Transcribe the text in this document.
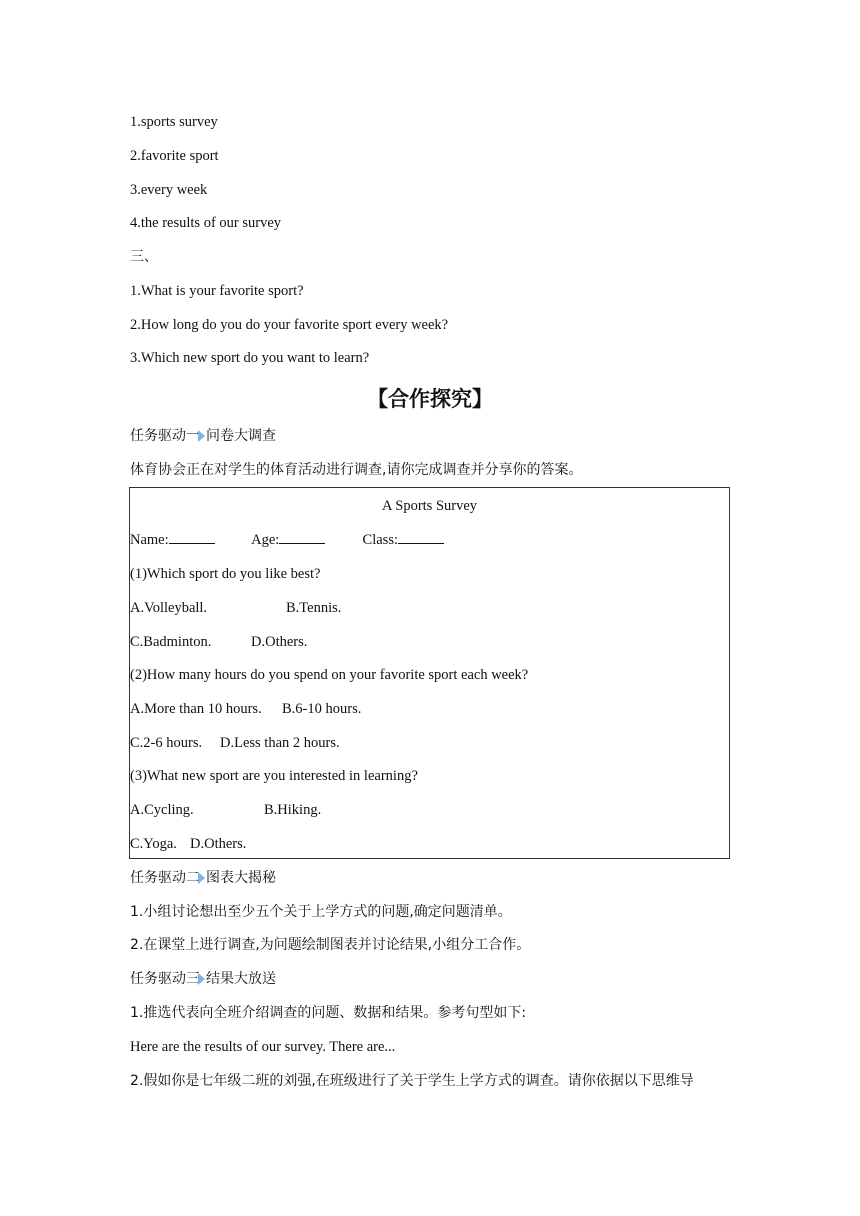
1.sports survey
2.favorite sport
3.every week
4.the results of our survey
三、
1.What is your favorite sport?
2.How long do you do your favorite sport every week?
3.Which new sport do you want to learn?
【合作探究】
任务驱动一 问卷大调查
体育协会正在对学生的体育活动进行调查,请你完成调查并分享你的答案。
A Sports Survey
Name:	Age:	Class:
(1)Which sport do you like best?
A.Volleyball.	B.Tennis.
C.Badminton.	D.Others.
(2)How many hours do you spend on your favorite sport each week?
A.More than 10 hours. B.6-10 hours.
C.2-6 hours. D.Less than 2 hours.
(3)What new sport are you interested in learning?
A.Cycling.	B.Hiking.
C.Yoga. D.Others.
任务驱动二 图表大揭秘
1.小组讨论想出至少五个关于上学方式的问题,确定问题清单。
2.在课堂上进行调查,为问题绘制图表并讨论结果,小组分工合作。
任务驱动三 结果大放送
1.推选代表向全班介绍调查的问题、数据和结果。参考句型如下:
Here are the results of our survey. There are...
2.假如你是七年级二班的刘强,在班级进行了关于学生上学方式的调查。请你依据以下思维导
